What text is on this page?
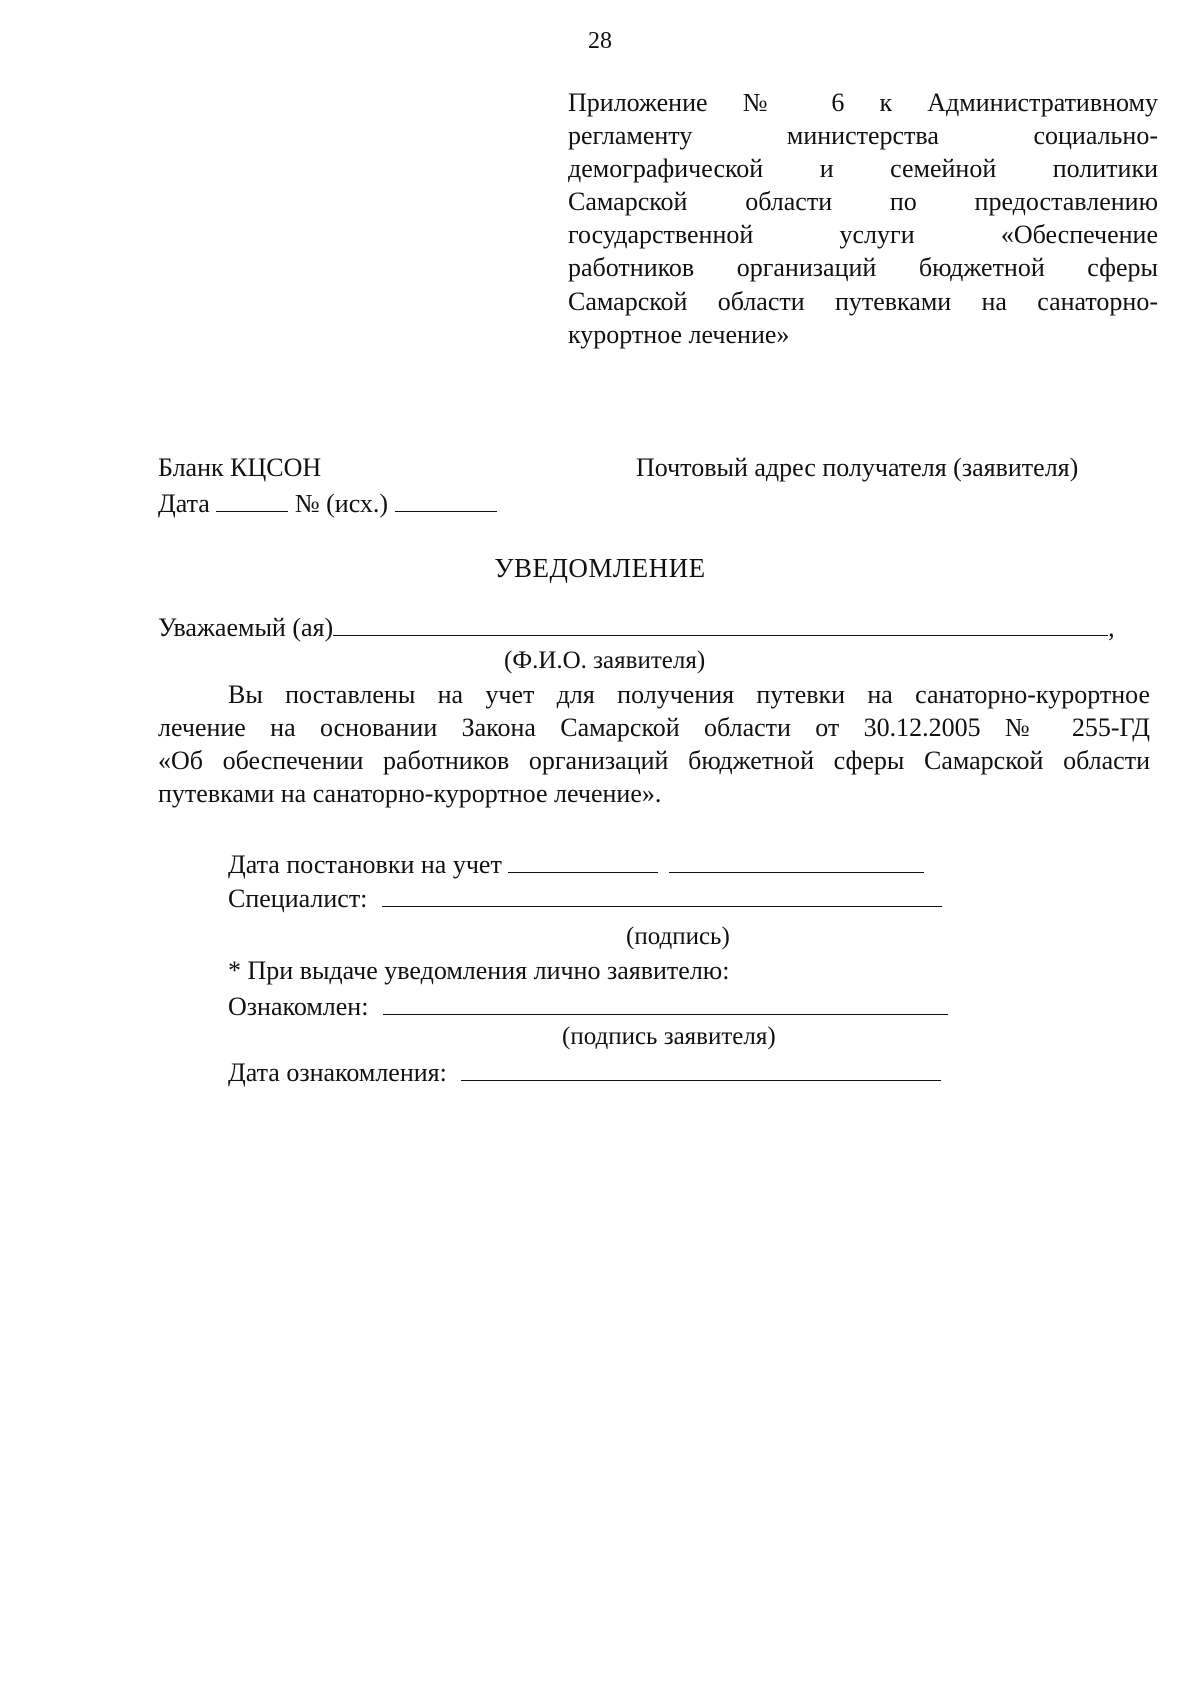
28
Приложение № 6 к Административному
регламенту министерства социально-
демографической и семейной политики
Самарской области по предоставлению
государственной услуги «Обеспечение
работников организаций бюджетной сферы
Самарской области путевками на санаторно-
курортное лечение»
Бланк КЦСОН	Почтовый адрес получателя (заявителя)
Дата	№ (исх.)
УВЕДОМЛЕНИЕ
Уважаемый (ая)	,
(Ф.И.О. заявителя)
Вы поставлены на учет для получения путевки на санаторно-курортное
лечение на основании Закона Самарской области от 30.12.2005 № 255-ГД
«Об обеспечении работников организаций бюджетной сферы Самарской области
путевками на санаторно-курортное лечение».
Дата постановки на учет
Специалист:
(подпись)
* При выдаче уведомления лично заявителю:
Ознакомлен:
(подпись заявителя)
Дата ознакомления:
